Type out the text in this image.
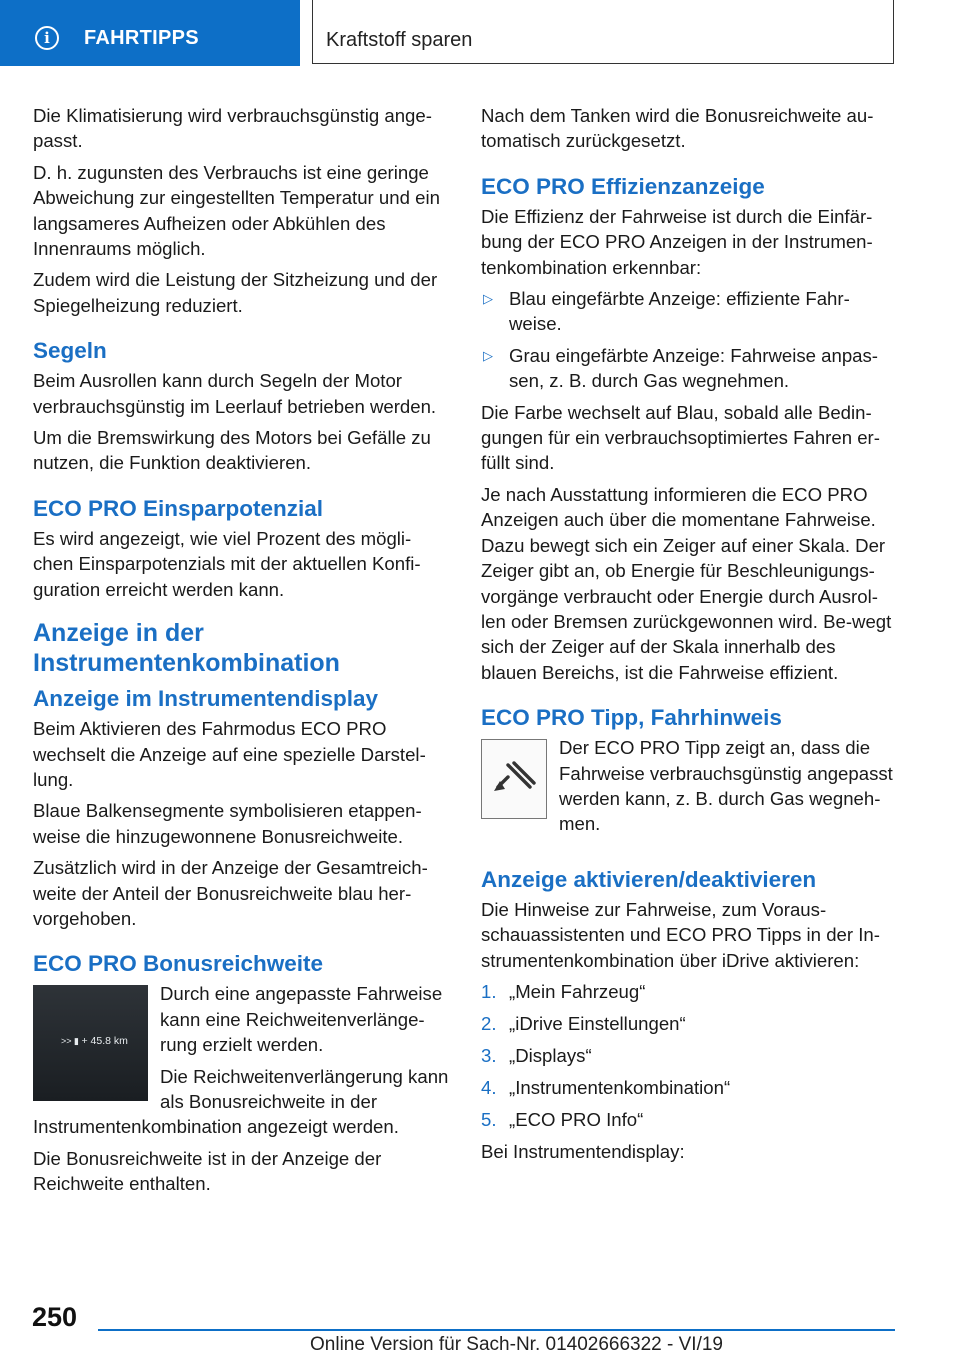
i	FAHRTIPPS	Kraftstoff sparen

Die Klimatisierung wird verbrauchsgünstig ange‐passt.

D. h. zugunsten des Verbrauchs ist eine geringe Abweichung zur eingestellten Temperatur und ein langsameres Aufheizen oder Abkühlen des Innenraums möglich.

Zudem wird die Leistung der Sitzheizung und der Spiegelheizung reduziert.

Segeln

Beim Ausrollen kann durch Segeln der Motor verbrauchsgünstig im Leerlauf betrieben werden.

Um die Bremswirkung des Motors bei Gefälle zu nutzen, die Funktion deaktivieren.

ECO PRO Einsparpotenzial

Es wird angezeigt, wie viel Prozent des mögli‐chen Einsparpotenzials mit der aktuellen Konfi‐guration erreicht werden kann.

Anzeige in der Instrumentenkombination
Anzeige im Instrumentendisplay

Beim Aktivieren des Fahrmodus ECO PRO wechselt die Anzeige auf eine spezielle Darstel‐lung.

Blaue Balkensegmente symbolisieren etappen‐weise die hinzugewonnene Bonusreichweite.

Zusätzlich wird in der Anzeige der Gesamtreich‐weite der Anteil der Bonusreichweite blau her‐vorgehoben.

ECO PRO Bonusreichweite
>> ▮ + 45.8 km

Durch eine angepasste Fahrweise kann eine Reichweitenverlänge‐rung erzielt werden.

Die Reichweitenverlängerung kann als Bonusreichweite in der Instrumentenkombination angezeigt werden.

Die Bonusreichweite ist in der Anzeige der Reichweite enthalten.

Nach dem Tanken wird die Bonusreichweite au‐tomatisch zurückgesetzt.

ECO PRO Effizienzanzeige

Die Effizienz der Fahrweise ist durch die Einfär‐bung der ECO PRO Anzeigen in der Instrumen‐tenkombination erkennbar:

▷ Blau eingefärbte Anzeige: effiziente Fahr‐weise.
▷ Grau eingefärbte Anzeige: Fahrweise anpas‐sen, z. B. durch Gas wegnehmen.

Die Farbe wechselt auf Blau, sobald alle Bedin‐gungen für ein verbrauchsoptimiertes Fahren er‐füllt sind.

Je nach Ausstattung informieren die ECO PRO Anzeigen auch über die momentane Fahrweise. Dazu bewegt sich ein Zeiger auf einer Skala. Der Zeiger gibt an, ob Energie für Beschleunigungs‐vorgänge verbraucht oder Energie durch Ausrol‐len oder Bremsen zurückgewonnen wird. Be‐wegt sich der Zeiger auf der Skala innerhalb des blauen Bereichs, ist die Fahrweise effizient.

ECO PRO Tipp, Fahrhinweis

Der ECO PRO Tipp zeigt an, dass die Fahrweise verbrauchsgünstig angepasst werden kann, z. B. durch Gas wegneh‐men.

Anzeige aktivieren/deaktivieren

Die Hinweise zur Fahrweise, zum Voraus‐schauassistenten und ECO PRO Tipps in der In‐strumentenkombination über iDrive aktivieren:

1. „Mein Fahrzeug“
2. „iDrive Einstellungen“
3. „Displays“
4. „Instrumentenkombination“
5. „ECO PRO Info“

Bei Instrumentendisplay:

250
Online Version für Sach-Nr. 01402666322 - VI/19
